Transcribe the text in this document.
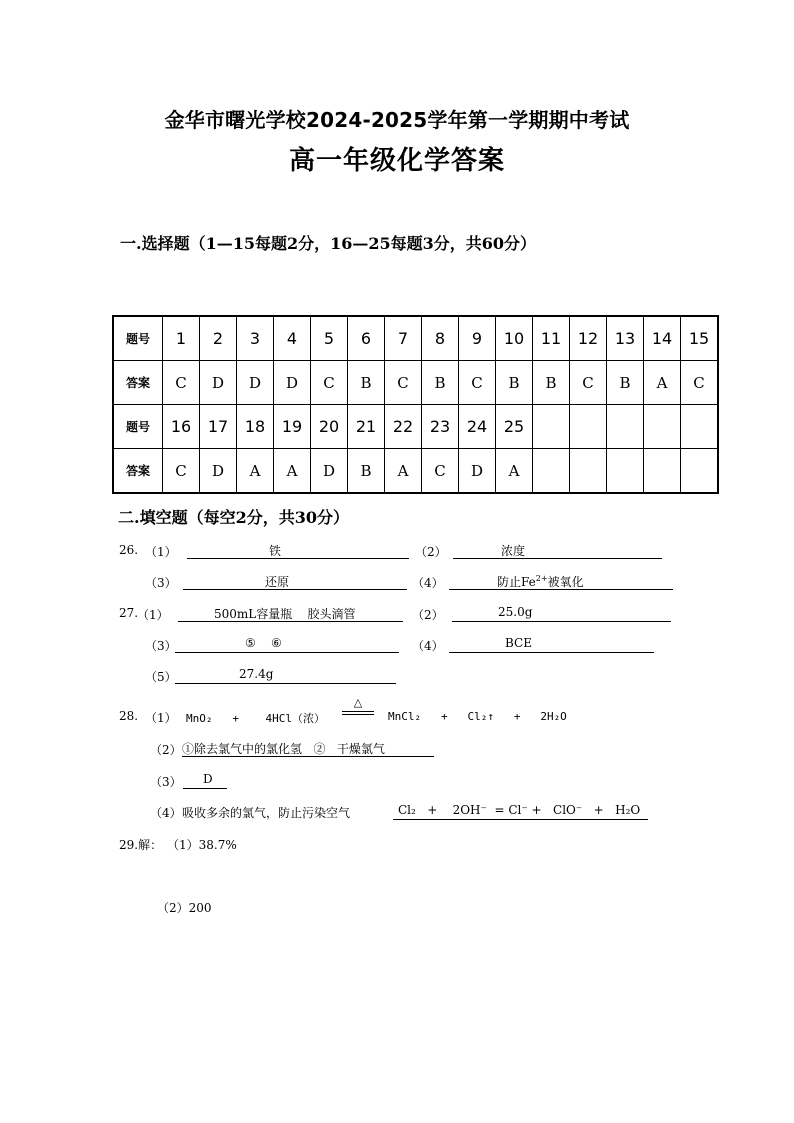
金华市曙光学校2024-2025学年第一学期期中考试
高一年级化学答案
一.选择题（1—15每题2分，16—25每题3分，共60分）
题号	1	2	3	4	5	6	7	8	9	10	11	12	13	14	15
答案	C	D	D	D	C	B	C	B	C	B	B	C	B	A	C
题号	16	17	18	19	20	21	22	23	24	25					
答案	C	D	A	A	D	B	A	C	D	A					
二.填空题（每空2分，共30分）
26. （1）	铁	（2）	浓度
（3）	还原	（4）	防止$Fe^{2+}$被氧化
27.
（1）	500mL容量瓶    胶头滴管	（2）	25.0g
（3）	⑤    ⑥	（4）	BCE
（5）	27.4g
28. （1） MnO₂   +    4HCl（浓）
△
MnCl₂   +   Cl₂↑   +   2H₂O
（2） ①除去氯气中的氯化氢   ②   干燥氯气
（3）	D
（4） 吸收多余的氯气，防止污染空气	Cl₂   +    2OH⁻  = Cl⁻ +   ClO⁻   +   H₂O
29.解： （1）38.7%
（2）200
